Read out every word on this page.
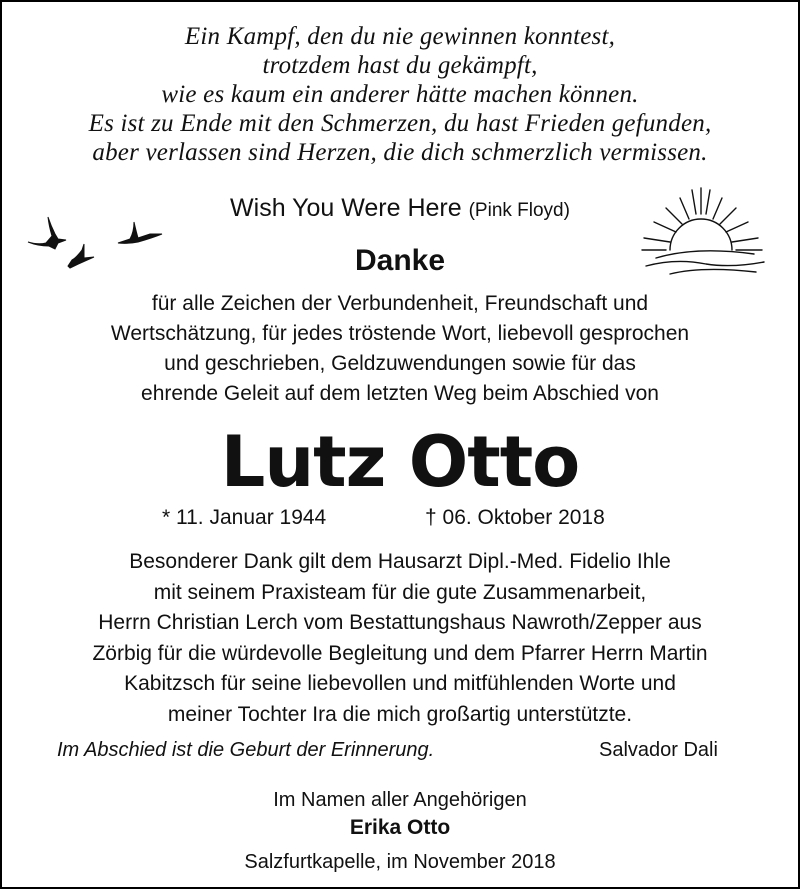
Ein Kampf, den du nie gewinnen konntest,
trotzdem hast du gekämpft,
wie es kaum ein anderer hätte machen können.
Es ist zu Ende mit den Schmerzen, du hast Frieden gefunden,
aber verlassen sind Herzen, die dich schmerzlich vermissen.
Wish You Were Here (Pink Floyd)
Danke
für alle Zeichen der Verbundenheit, Freundschaft und
Wertschätzung, für jedes tröstende Wort, liebevoll gesprochen
und geschrieben, Geldzuwendungen sowie für das
ehrende Geleit auf dem letzten Weg beim Abschied von
Lutz Otto
* 11. Januar 1944	† 06. Oktober 2018
Besonderer Dank gilt dem Hausarzt Dipl.-Med. Fidelio Ihle
mit seinem Praxisteam für die gute Zusammenarbeit,
Herrn Christian Lerch vom Bestattungshaus Nawroth/Zepper aus
Zörbig für die würdevolle Begleitung und dem Pfarrer Herrn Martin
Kabitzsch für seine liebevollen und mitfühlenden Worte und
meiner Tochter Ira die mich großartig unterstützte.
Im Abschied ist die Geburt der Erinnerung.	Salvador Dali
Im Namen aller Angehörigen
Erika Otto
Salzfurtkapelle, im November 2018
